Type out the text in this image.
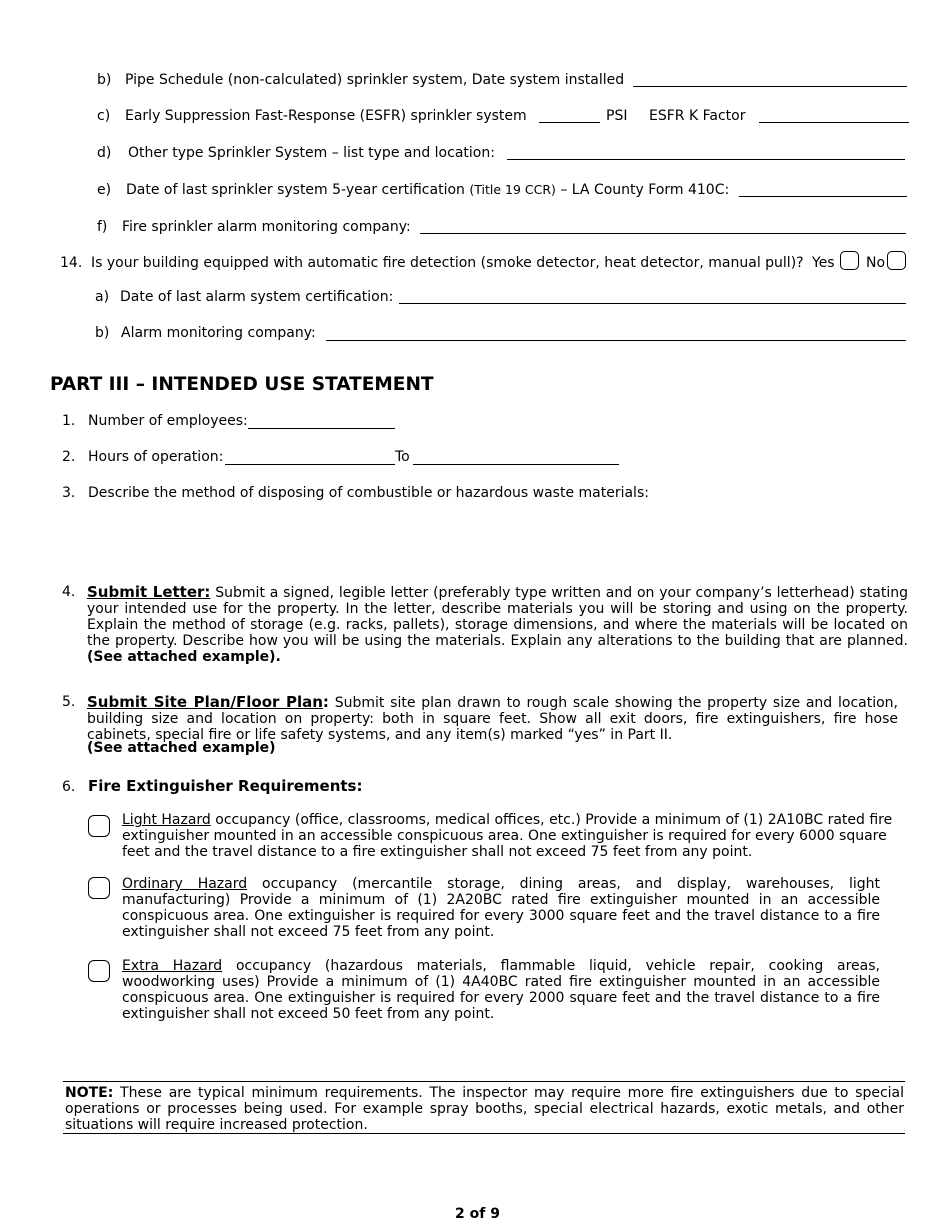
b) Pipe Schedule (non-calculated) sprinkler system, Date system installed
c) Early Suppression Fast-Response (ESFR) sprinkler system	PSI ESFR K Factor
d) Other type Sprinkler System – list type and location:
e) Date of last sprinkler system 5-year certification (Title 19 CCR) – LA County Form 410C:
f) Fire sprinkler alarm monitoring company:
14. Is your building equipped with automatic fire detection (smoke detector, heat detector, manual pull)? Yes No
a) Date of last alarm system certification:
b) Alarm monitoring company:
PART III – INTENDED USE STATEMENT
1. Number of employees:
2. Hours of operation:	To
3. Describe the method of disposing of combustible or hazardous waste materials:
4. Submit Letter: Submit a signed, legible letter (preferably type written and on your company’s letterhead) stating your intended use for the property. In the letter, describe materials you will be storing and using on the property. Explain the method of storage (e.g. racks, pallets), storage dimensions, and where the materials will be located on the property. Describe how you will be using the materials. Explain any alterations to the building that are planned.(See attached example).
5. Submit Site Plan/Floor Plan: Submit site plan drawn to rough scale showing the property size and location, building size and location on property: both in square feet. Show all exit doors, fire extinguishers, fire hose cabinets, special fire or life safety systems, and any item(s) marked “yes” in Part II.
(See attached example)
6. Fire Extinguisher Requirements:
Light Hazard occupancy (office, classrooms, medical offices, etc.) Provide a minimum of (1) 2A10BC rated fire extinguisher mounted in an accessible conspicuous area. One extinguisher is required for every 6000 square feet and the travel distance to a fire extinguisher shall not exceed 75 feet from any point.
Ordinary Hazard occupancy (mercantile storage, dining areas, and display, warehouses, light manufacturing) Provide a minimum of (1) 2A20BC rated fire extinguisher mounted in an accessible conspicuous area. One extinguisher is required for every 3000 square feet and the travel distance to a fire extinguisher shall not exceed 75 feet from any point.
Extra Hazard occupancy (hazardous materials, flammable liquid, vehicle repair, cooking areas, woodworking uses) Provide a minimum of (1) 4A40BC rated fire extinguisher mounted in an accessible conspicuous area. One extinguisher is required for every 2000 square feet and the travel distance to a fire extinguisher shall not exceed 50 feet from any point.
NOTE: These are typical minimum requirements. The inspector may require more fire extinguishers due to special operations or processes being used. For example spray booths, special electrical hazards, exotic metals, and other situations will require increased protection.
2 of 9
